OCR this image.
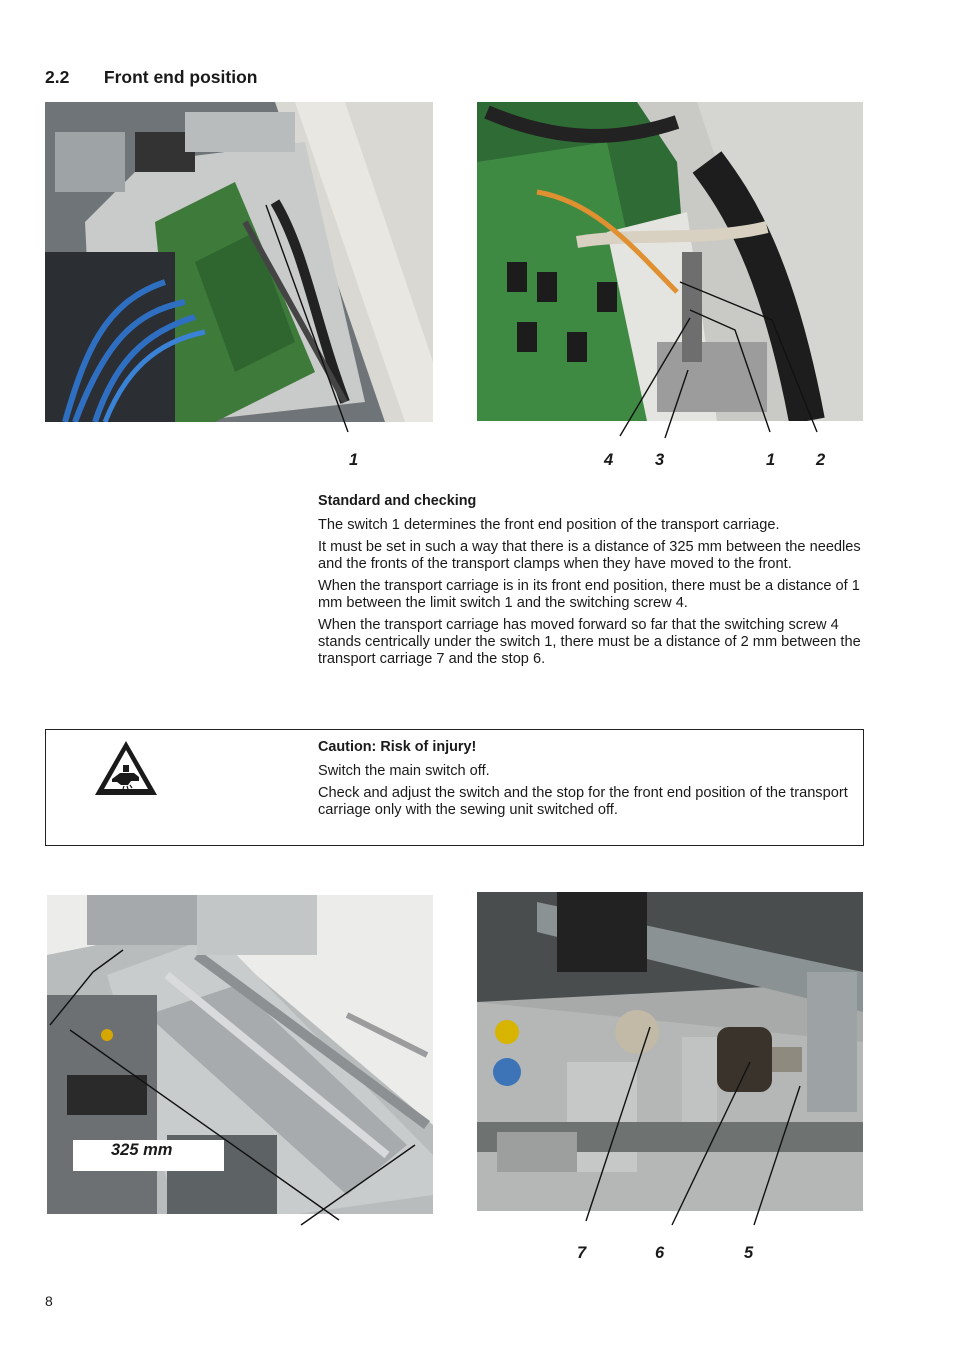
2.2 Front end position
1	4	3	1 2

Standard and checking

The switch 1 determines the front end position of the transport carriage.

It must be set in such a way that there is a distance of 325 mm between the needles and the fronts of the transport clamps when they have moved to the front.

When the transport carriage is in its front end position, there must be a distance of 1 mm between the limit switch 1 and the switching screw 4.

When the transport carriage has moved forward so far that the switching screw 4 stands centrically under the switch 1, there must be a distance of 2 mm between the transport carriage 7 and the stop 6.

Caution: Risk of injury!

Switch the main switch off.

Check and adjust the switch and the stop for the front end position of the transport carriage only with the sewing unit switched off.

325 mm
7	6	5
8
